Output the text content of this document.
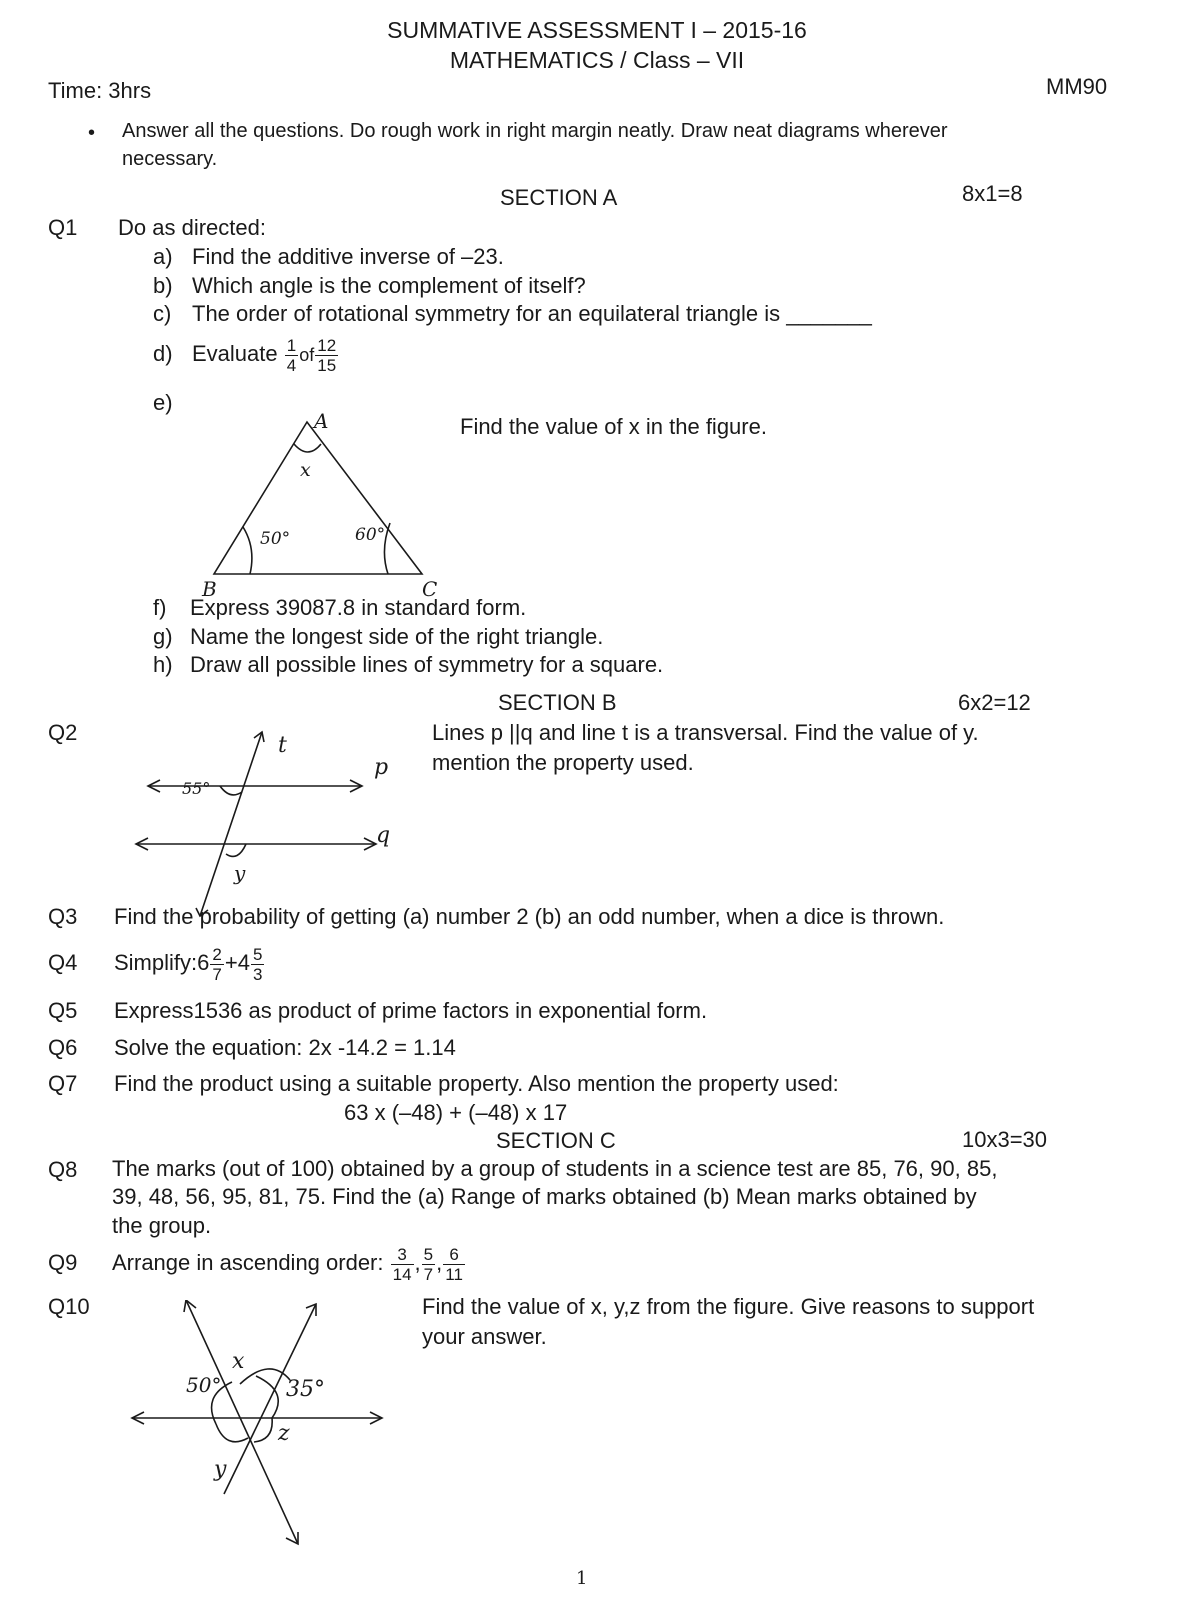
SUMMATIVE ASSESSMENT I – 2015-16
MATHEMATICS / Class – VII
Time: 3hrs	MM90
• Answer all the questions. Do rough work in right margin neatly. Draw neat diagrams wherever
necessary.
SECTION A	8x1=8
Q1 Do as directed:
a) Find the additive inverse of –23.
b) Which angle is the complement of itself?
c) The order of rotational symmetry for an equilateral triangle is _______
d) Evaluate $\frac{1}{4}$ of $\frac{12}{15}$
e)
Find the value of x in the figure.
A
B	C
x
50°	60°
f) Express 39087.8 in standard form.
g) Name the longest side of the right triangle.
h) Draw all possible lines of symmetry for a square.
SECTION B	6x2=12
Q2	Lines p ||q and line t is a transversal. Find the value of y.
mention the property used.
t
p
q
55°
y
Q3 Find the probability of getting (a) number 2 (b) an odd number, when a dice is thrown.
Q4 Simplify:6 $\frac{2}{7} +4 \frac{5}{3}$
Q5 Express1536 as product of prime factors in exponential form.
Q6 Solve the equation: 2x -14.2 = 1.14
Q7 Find the product using a suitable property. Also mention the property used:
63 x (–48) + (–48) x 17
SECTION C	10x3=30
Q8 The marks (out of 100) obtained by a group of students in a science test are 85, 76, 90, 85,
39, 48, 56, 95, 81, 75. Find the (a) Range of marks obtained (b) Mean marks obtained by
the group.
Q9 Arrange in ascending order: $\frac{3}{14}$ , $\frac{5}{7}$ , $\frac{6}{11}$
Q10	Find the value of x, y,z from the figure. Give reasons to support
your answer.
50°
x
35°
z
y
1
